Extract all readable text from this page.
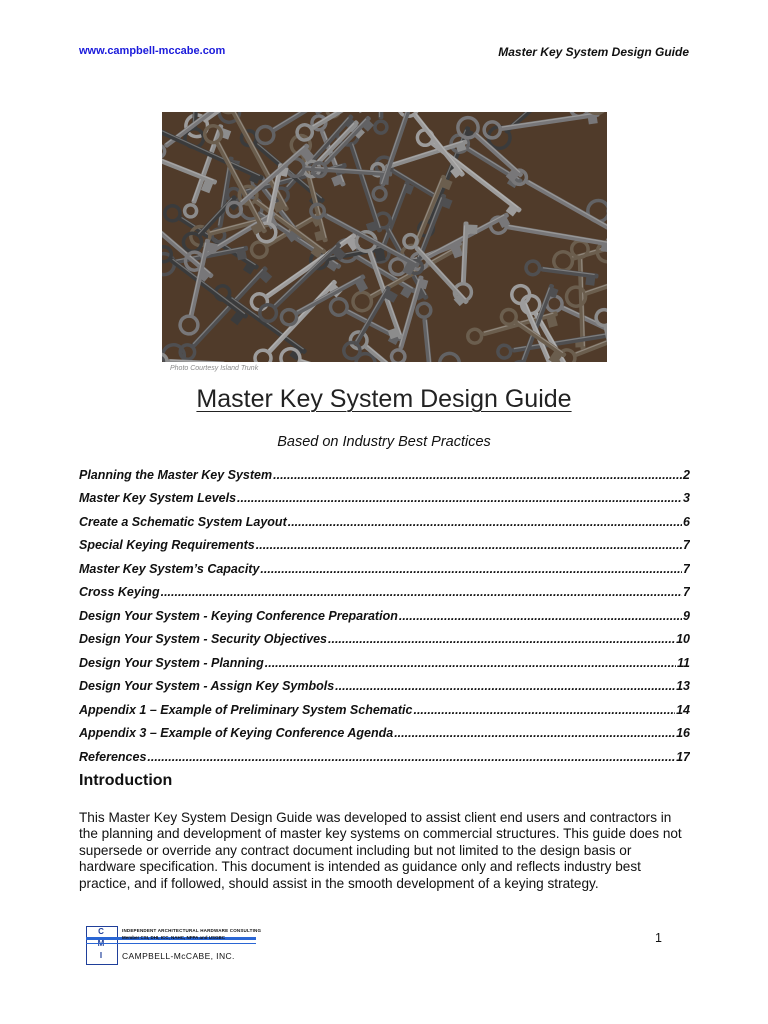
www.campbell-mccabe.com	Master Key System Design Guide
Photo Courtesy Island Trunk
Master Key System Design Guide
Based on Industry Best Practices
Planning the Master Key System .....	2
Master Key System Levels .....	3
Create a Schematic System Layout .....	6
Special Keying Requirements .....	7
Master Key System’s Capacity .....	7
Cross Keying .....	7
Design Your System - Keying Conference Preparation .....	9
Design Your System - Security Objectives .....	10
Design Your System - Planning .....	11
Design Your System - Assign Key Symbols .....	13
Appendix 1 – Example of Preliminary System Schematic .....	14
Appendix 3 – Example of Keying Conference Agenda .....	16
References .....	17
Introduction

This Master Key System Design Guide was developed to assist client end users and contractors in the planning and development of master key systems on commercial structures. This guide does not supersede or override any contract document including but not limited to the design basis or hardware specification. This document is intended as guidance only and reflects industry best practice, and if followed, should assist in the smooth development of a keying strategy.

C
I
INDEPENDENT ARCHITECTURAL HARDWARE CONSULTING
Member CSI, DHI, ICC, NAHC, NFPA and USGBC
CAMPBELL-McCABE, INC.
1
